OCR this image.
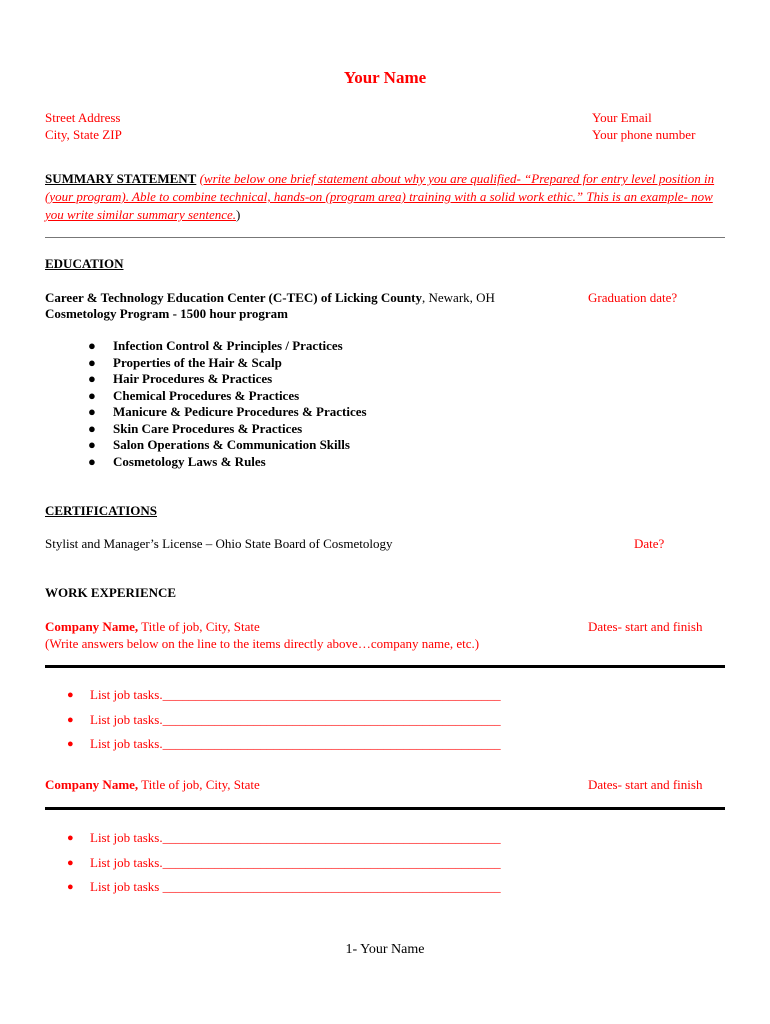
Your Name
Street Address
City, State ZIP
Your Email
Your phone number
SUMMARY STATEMENT (write below one brief statement about why you are qualified- “Prepared for entry level position in (your program). Able to combine technical, hands-on (program area) training with a solid work ethic.” This is an example- now you write similar summary sentence.)
EDUCATION
Career & Technology Education Center (C-TEC) of Licking County, Newark, OH
Cosmetology Program - 1500 hour program
Graduation date?
● Infection Control & Principles / Practices
● Properties of the Hair & Scalp
● Hair Procedures & Practices
● Chemical Procedures & Practices
● Manicure & Pedicure Procedures & Practices
● Skin Care Procedures & Practices
● Salon Operations & Communication Skills
● Cosmetology Laws & Rules
CERTIFICATIONS
Stylist and Manager’s License – Ohio State Board of Cosmetology	Date?
WORK EXPERIENCE
Company Name, Title of job, City, State
(Write answers below on the line to the items directly above…company name, etc.)
Dates- start and finish
● List job tasks.____________________________________________________
● List job tasks.____________________________________________________
● List job tasks.____________________________________________________
Company Name, Title of job, City, State	Dates- start and finish
● List job tasks.____________________________________________________
● List job tasks.____________________________________________________
● List job tasks ____________________________________________________
1- Your Name
